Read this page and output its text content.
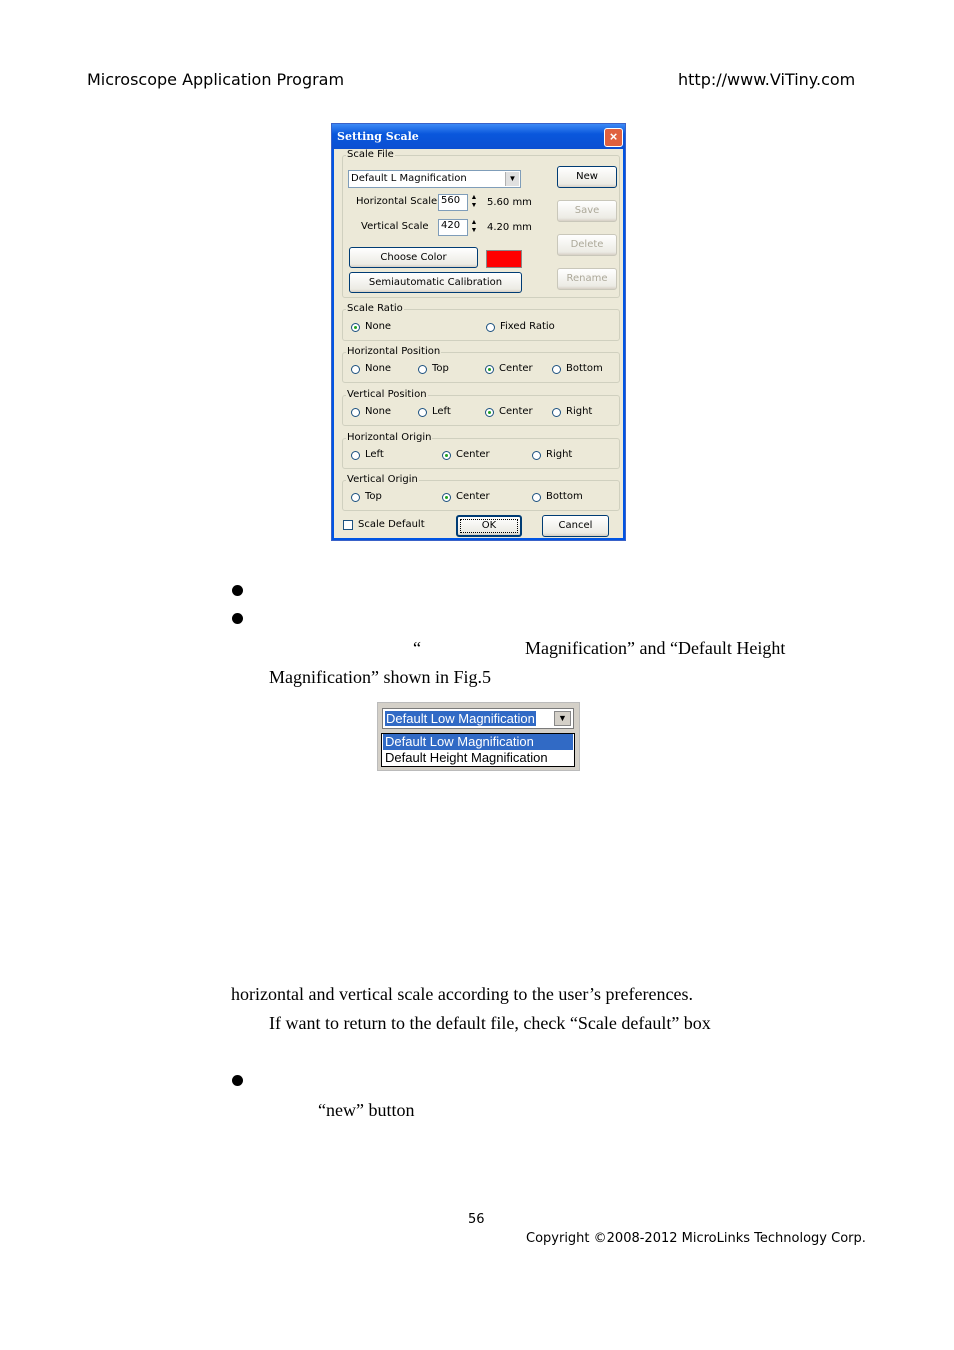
Microscope Application Program	http://www.ViTiny.com
Setting Scale	×
Scale File
Default L Magnification	▼
Horizontal Scale 560	▲
▼ 5.60 mm
Vertical Scale	420	▲
▼ 4.20 mm
Choose Color
Semiautomatic Calibration
New
Save
Delete
Rename
Scale Ratio
None	Fixed Ratio
Horizontal Position
None	Top	Center	Bottom
Vertical Position
None	Left	Center	Right
Horizontal Origin
Left	Center	Right
Vertical Origin
Top	Center	Bottom
Scale Default	OK	Cancel
“	Magnification” and “Default Height
Magnification” shown in Fig.5
Default Low Magnification	▼
Default Low Magnification
Default Height Magnification
horizontal and vertical scale according to the user’s preferences.
If want to return to the default file, check “Scale default” box
“new” button
56
Copyright ©2008-2012 MicroLinks Technology Corp.
